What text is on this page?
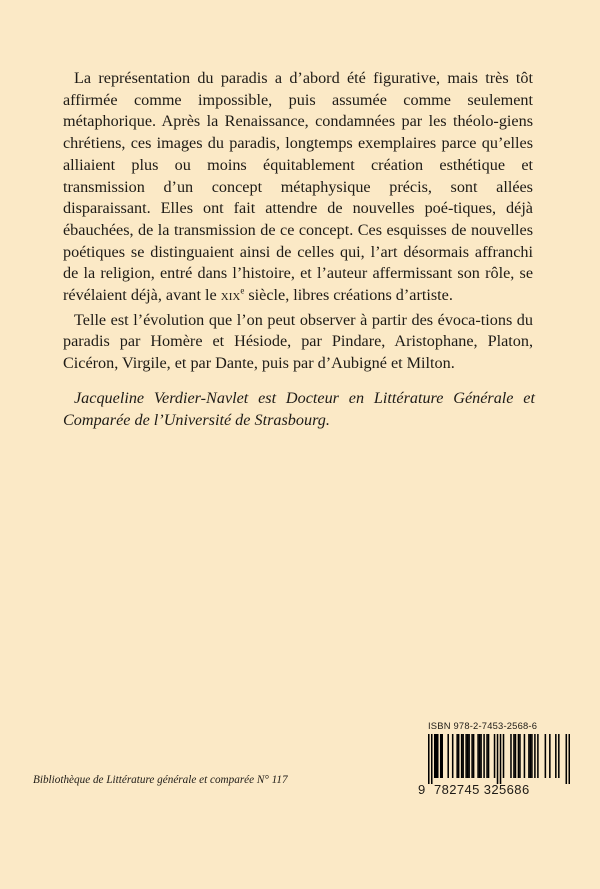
La représentation du paradis a d’abord été figurative, mais très tôt affirmée comme impossible, puis assumée comme seulement métaphorique. Après la Renaissance, condamnées par les théolo-giens chrétiens, ces images du paradis, longtemps exemplaires parce qu’elles alliaient plus ou moins équitablement création esthétique et transmission d’un concept métaphysique précis, sont allées disparaissant. Elles ont fait attendre de nouvelles poé-tiques, déjà ébauchées, de la transmission de ce concept. Ces esquisses de nouvelles poétiques se distinguaient ainsi de celles qui, l’art désormais affranchi de la religion, entré dans l’histoire, et l’auteur affermissant son rôle, se révélaient déjà, avant le xix$^e$ siècle, libres créations d’artiste.

Telle est l’évolution que l’on peut observer à partir des évoca-tions du paradis par Homère et Hésiode, par Pindare, Aristophane, Platon, Cicéron, Virgile, et par Dante, puis par d’Aubigné et Milton.

Jacqueline Verdier-Navlet est Docteur en Littérature Générale et Comparée de l’Université de Strasbourg.

Bibliothèque de Littérature générale et comparée N° 117
ISBN 978-2-7453-2568-6
9 782745 325686
